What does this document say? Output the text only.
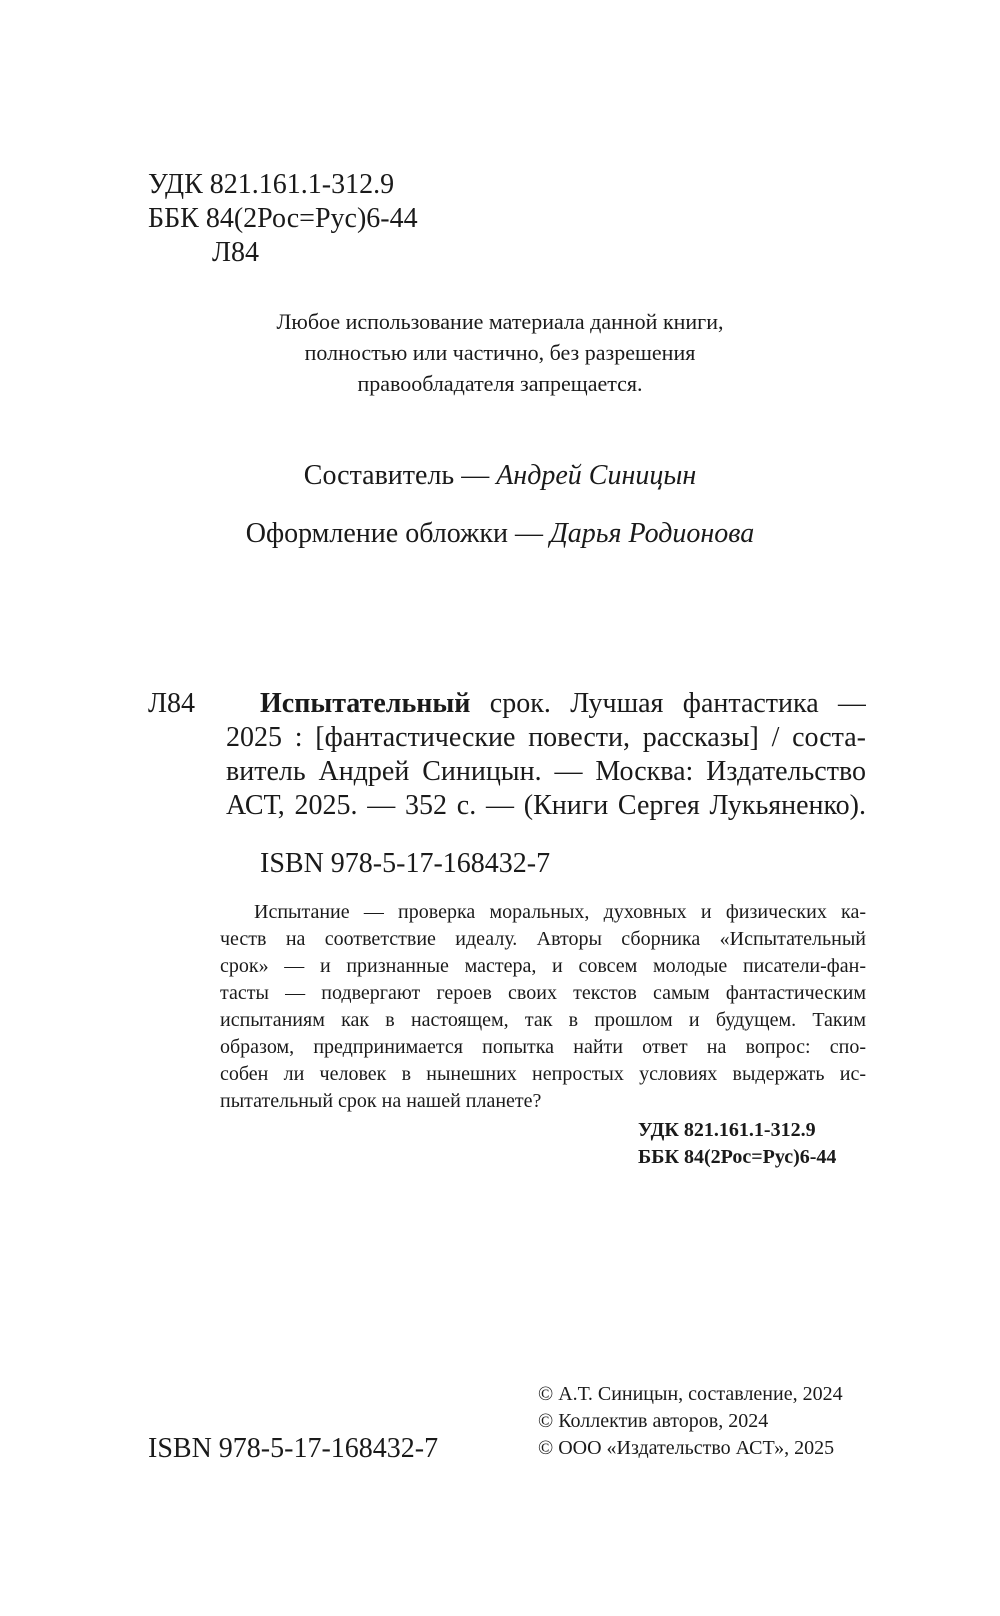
УДК 821.161.1-312.9
ББК 84(2Рос=Рус)6-44
Л84
Любое использование материала данной книги,
полностью или частично, без разрешения
правообладателя запрещается.
Составитель — Андрей Синицын
Оформление обложки — Дарья Родионова
Л84	Испытательный срок. Лучшая фантастика —
2025 : [фантастические повести, рассказы] / соста-
витель Андрей Синицын. — Москва: Издательство
АСТ, 2025. — 352 с. — (Книги Сергея Лукьяненко).
ISBN 978-5-17-168432-7
Испытание — проверка моральных, духовных и физических ка-
честв на соответствие идеалу. Авторы сборника «Испытательный
срок» — и признанные мастера, и совсем молодые писатели-фан-
тасты — подвергают героев своих текстов самым фантастическим
испытаниям как в настоящем, так в прошлом и будущем. Таким
образом, предпринимается попытка найти ответ на вопрос: спо-
собен ли человек в нынешних непростых условиях выдержать ис-
пытательный срок на нашей планете?
УДК 821.161.1-312.9
ББК 84(2Рос=Рус)6-44
ISBN 978-5-17-168432-7
© А.Т. Синицын, составление, 2024
© Коллектив авторов, 2024
© ООО «Издательство АСТ», 2025
